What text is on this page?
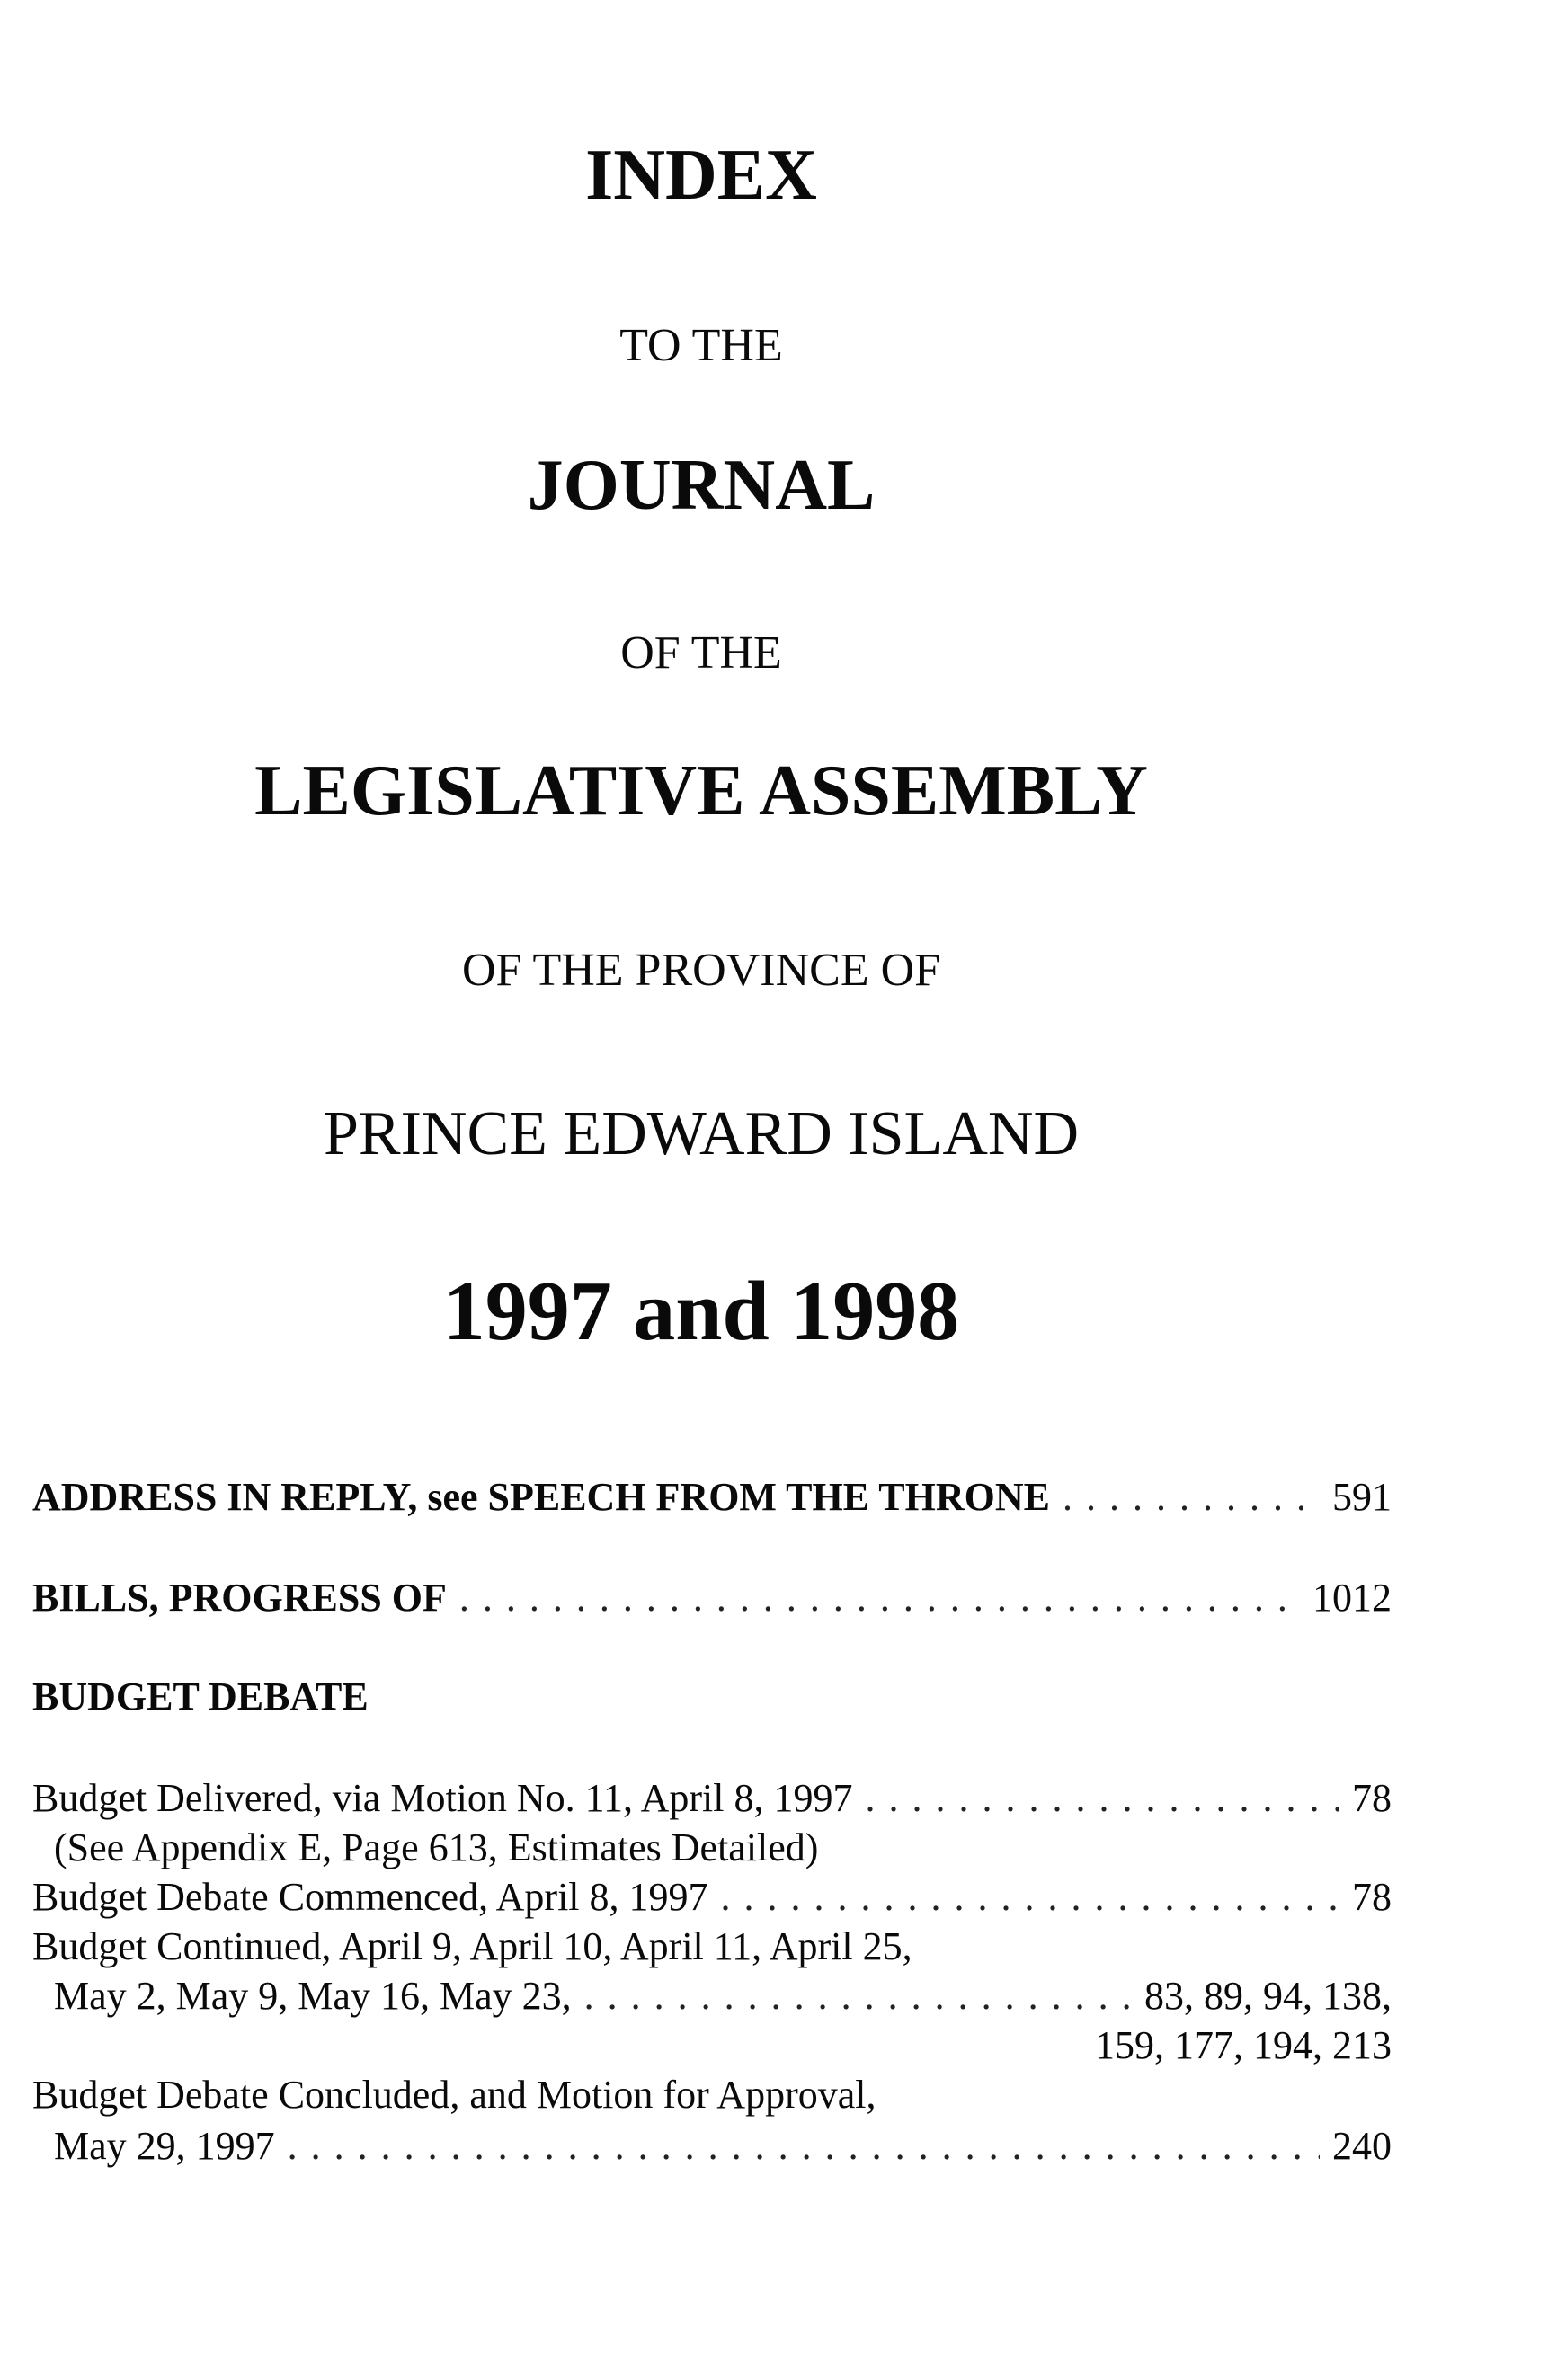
INDEX
TO THE
JOURNAL
OF THE
LEGISLATIVE ASSEMBLY
OF THE PROVINCE OF
PRINCE EDWARD ISLAND
1997 and 1998
ADDRESS IN REPLY, see SPEECH FROM THE THRONE . . .	591
BILLS, PROGRESS OF . . .	1012
BUDGET DEBATE
Budget Delivered, via Motion No. 11, April 8, 1997 . . .	78
(See Appendix E, Page 613, Estimates Detailed)
Budget Debate Commenced, April 8, 1997 . . .	78
Budget Continued, April 9, April 10, April 11, April 25,
May 2, May 9, May 16, May 23, . . .	83, 89, 94, 138,
159, 177, 194, 213
Budget Debate Concluded, and Motion for Approval,
May 29, 1997 . . .	240
